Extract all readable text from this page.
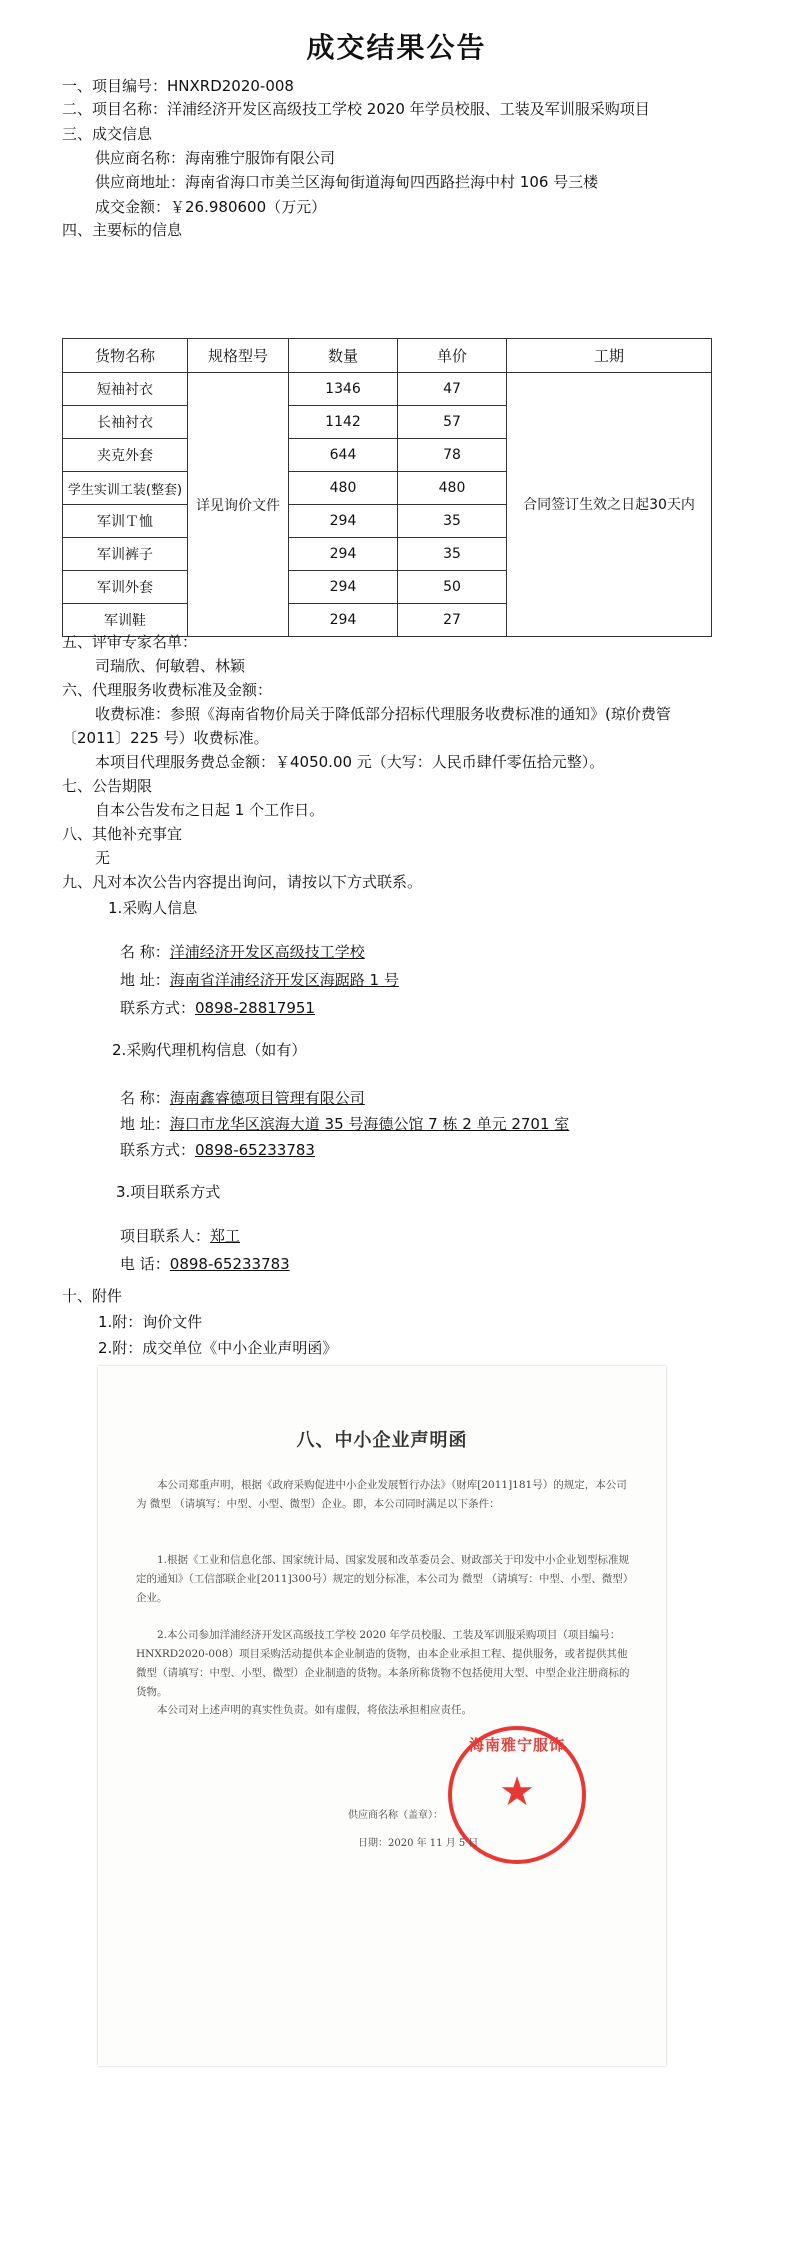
成交结果公告
一、项目编号：HNXRD2020-008
二、项目名称：洋浦经济开发区高级技工学校 2020 年学员校服、工装及军训服采购项目
三、成交信息
供应商名称：海南雅宁服饰有限公司
供应商地址：海南省海口市美兰区海甸街道海甸四西路拦海中村 106 号三楼
成交金额：￥26.980600（万元）
四、主要标的信息
货物名称	规格型号	数量	单价	工期
短袖衬衣	详见询价文件	1346	47	合同签订生效之日起30天内
长袖衬衣		1142	57	
夹克外套		644	78	
学生实训工装(整套)		480	480	
军训Ｔ恤		294	35	
军训裤子		294	35	
军训外套		294	50	
军训鞋		294	27	
五、评审专家名单：
司瑞欣、何敏碧、林颖
六、代理服务收费标准及金额：
收费标准：参照《海南省物价局关于降低部分招标代理服务收费标准的通知》(琼价费管
〔2011〕225 号）收费标准。
本项目代理服务费总金额：￥4050.00 元（大写：人民币肆仟零伍拾元整）。
七、公告期限
自本公告发布之日起 1 个工作日。
八、其他补充事宜
无
九、凡对本次公告内容提出询问，请按以下方式联系。
1.采购人信息
名 称：洋浦经济开发区高级技工学校
地 址：海南省洋浦经济开发区海踞路 1 号
联系方式：0898-28817951
2.采购代理机构信息（如有）
名 称：海南鑫睿德项目管理有限公司
地 址：海口市龙华区滨海大道 35 号海德公馆 7 栋 2 单元 2701 室
联系方式：0898-65233783
3.项目联系方式
项目联系人：郑工
电 话：0898-65233783
十、附件
1.附：询价文件
2.附：成交单位《中小企业声明函》
八、中小企业声明函
本公司郑重声明，根据《政府采购促进中小企业发展暂行办法》（财库[2011]181号）的规定，本公司为 微型 （请填写：中型、小型、微型）企业。即，本公司同时满足以下条件：
1.根据《工业和信息化部、国家统计局、国家发展和改革委员会、财政部关于印发中小企业划型标准规定的通知》（工信部联企业[2011]300号）规定的划分标准，本公司为 微型 （请填写：中型、小型、微型）企业。
2.本公司参加洋浦经济开发区高级技工学校 2020 年学员校服、工装及军训服采购项目（项目编号：HNXRD2020-008）项目采购活动提供本企业制造的货物，由本企业承担工程、提供服务，或者提供其他微型（请填写：中型、小型、微型）企业制造的货物。本条所称货物不包括使用大型、中型企业注册商标的货物。
本公司对上述声明的真实性负责。如有虚假，将依法承担相应责任。
海南雅宁服饰
★
供应商名称（盖章）：
日期：2020 年 11 月 5 日
